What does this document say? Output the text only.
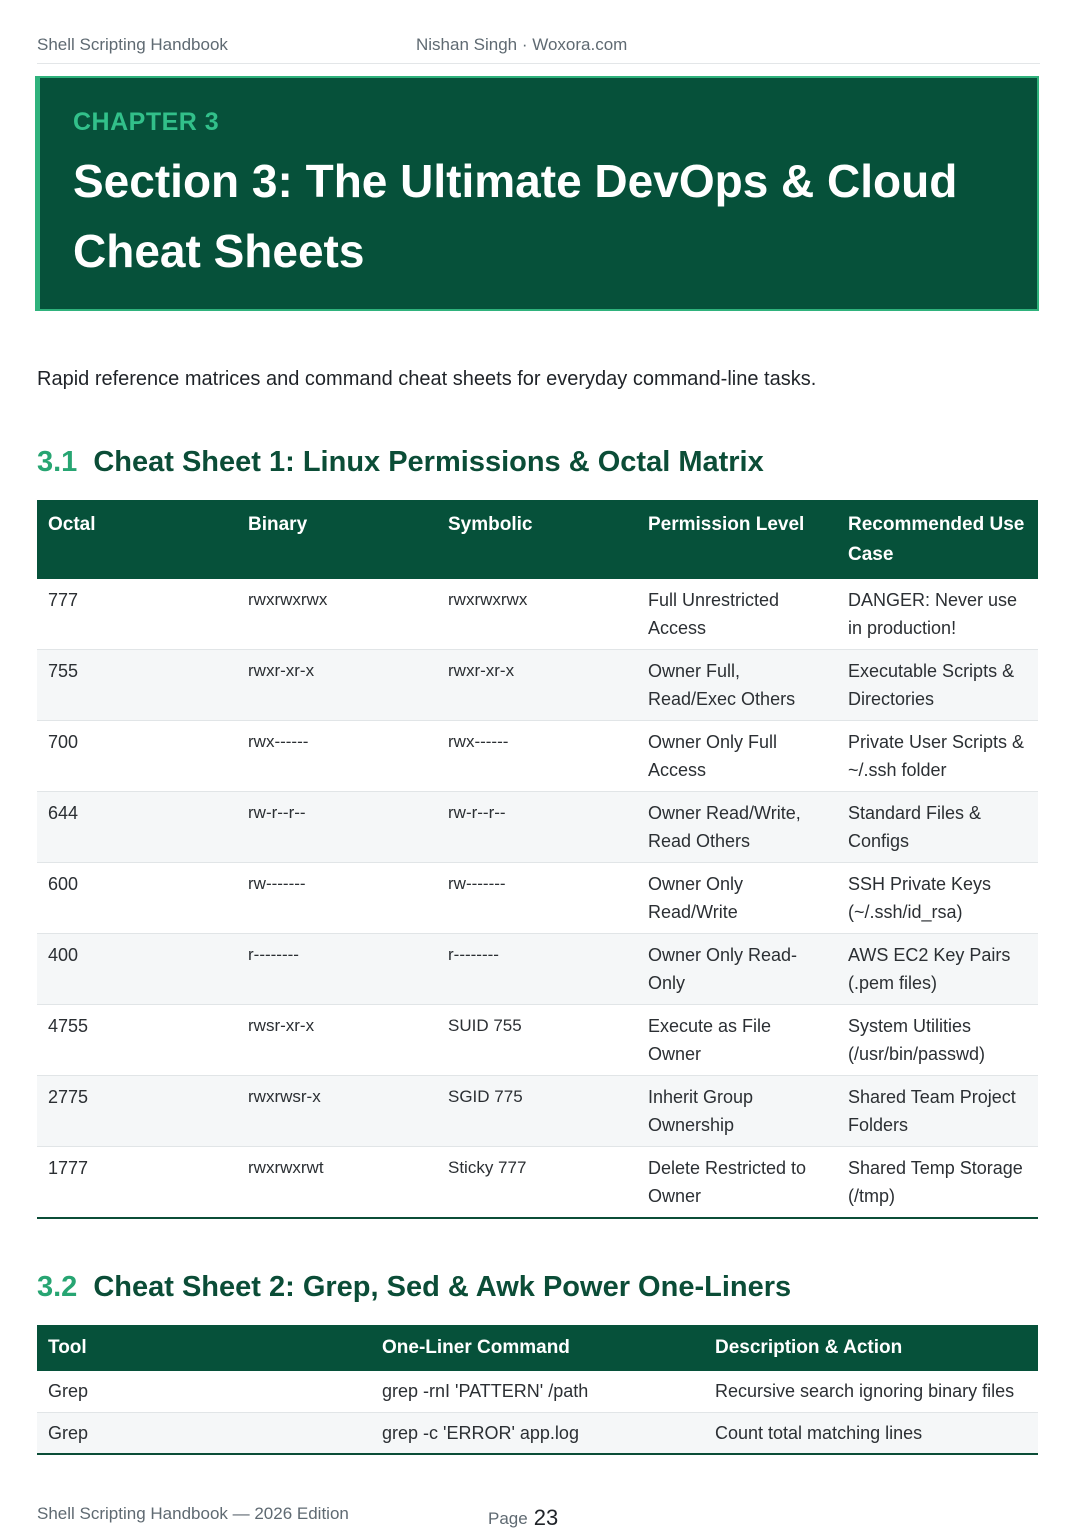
Shell Scripting Handbook	Nishan Singh · Woxora.com
CHAPTER 3
Section 3: The Ultimate DevOps & Cloud Cheat Sheets

Rapid reference matrices and command cheat sheets for everyday command-line tasks.

3.1 Cheat Sheet 1: Linux Permissions & Octal Matrix
Octal	Binary	Symbolic	Permission Level	Recommended Use Case
777	rwxrwxrwx	rwxrwxrwx	Full Unrestricted Access	DANGER: Never use in production!
755	rwxr-xr-x	rwxr-xr-x	Owner Full, Read/Exec Others	Executable Scripts & Directories
700	rwx------	rwx------	Owner Only Full Access	Private User Scripts & ~/.ssh folder
644	rw-r--r--	rw-r--r--	Owner Read/Write, Read Others	Standard Files & Configs
600	rw-------	rw-------	Owner Only Read/Write	SSH Private Keys (~/.ssh/id_rsa)
400	r--------	r--------	Owner Only Read-Only	AWS EC2 Key Pairs (.pem files)
4755	rwsr-xr-x	SUID 755	Execute as File Owner	System Utilities (/usr/bin/passwd)
2775	rwxrwsr-x	SGID 775	Inherit Group Ownership	Shared Team Project Folders
1777	rwxrwxrwt	Sticky 777	Delete Restricted to Owner	Shared Temp Storage (/tmp)
3.2 Cheat Sheet 2: Grep, Sed & Awk Power One-Liners
Tool	One-Liner Command	Description & Action
Grep	grep -rnI 'PATTERN' /path	Recursive search ignoring binary files
Grep	grep -c 'ERROR' app.log	Count total matching lines
Shell Scripting Handbook — 2026 Edition	Page 23
